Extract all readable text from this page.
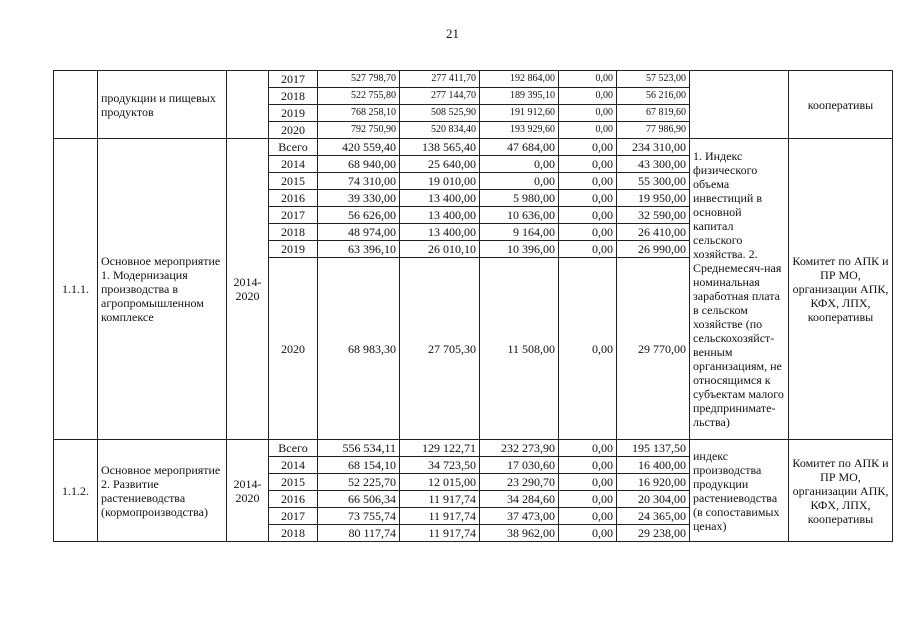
21
	продукции и пищевых продуктов		2017	527 798,70	277 411,70	192 864,00	0,00	57 523,00		кооперативы
			2018	522 755,80	277 144,70	189 395,10	0,00	56 216,00		
			2019	768 258,10	508 525,90	191 912,60	0,00	67 819,60		
			2020	792 750,90	520 834,40	193 929,60	0,00	77 986,90		
1.1.1.	Основное мероприятие 1. Модернизация производства в агропромышленном комплексе	2014-2020	Всего	420 559,40	138 565,40	47 684,00	0,00	234 310,00	1. Индекс физического объема инвестиций в основной капитал сельского хозяйства. 2. Среднемесяч-ная номинальная заработная плата в сельском хозяйстве (по сельскохозяйст-венным организациям, не относящимся к субъектам малого предпринимате-льства)	Комитет по АПК и ПР МО, организации АПК, КФХ, ЛПХ, кооперативы
			2014	68 940,00	25 640,00	0,00	0,00	43 300,00		
			2015	74 310,00	19 010,00	0,00	0,00	55 300,00		
			2016	39 330,00	13 400,00	5 980,00	0,00	19 950,00		
			2017	56 626,00	13 400,00	10 636,00	0,00	32 590,00		
			2018	48 974,00	13 400,00	9 164,00	0,00	26 410,00		
			2019	63 396,10	26 010,10	10 396,00	0,00	26 990,00		
			2020	68 983,30	27 705,30	11 508,00	0,00	29 770,00		
1.1.2.	Основное мероприятие 2. Развитие растениеводства (кормопроизводства)	2014-2020	Всего	556 534,11	129 122,71	232 273,90	0,00	195 137,50	индекс производства продукции растениеводства (в сопоставимых ценах)	Комитет по АПК и ПР МО, организации АПК, КФХ, ЛПХ, кооперативы
			2014	68 154,10	34 723,50	17 030,60	0,00	16 400,00		
			2015	52 225,70	12 015,00	23 290,70	0,00	16 920,00		
			2016	66 506,34	11 917,74	34 284,60	0,00	20 304,00		
			2017	73 755,74	11 917,74	37 473,00	0,00	24 365,00		
			2018	80 117,74	11 917,74	38 962,00	0,00	29 238,00		
